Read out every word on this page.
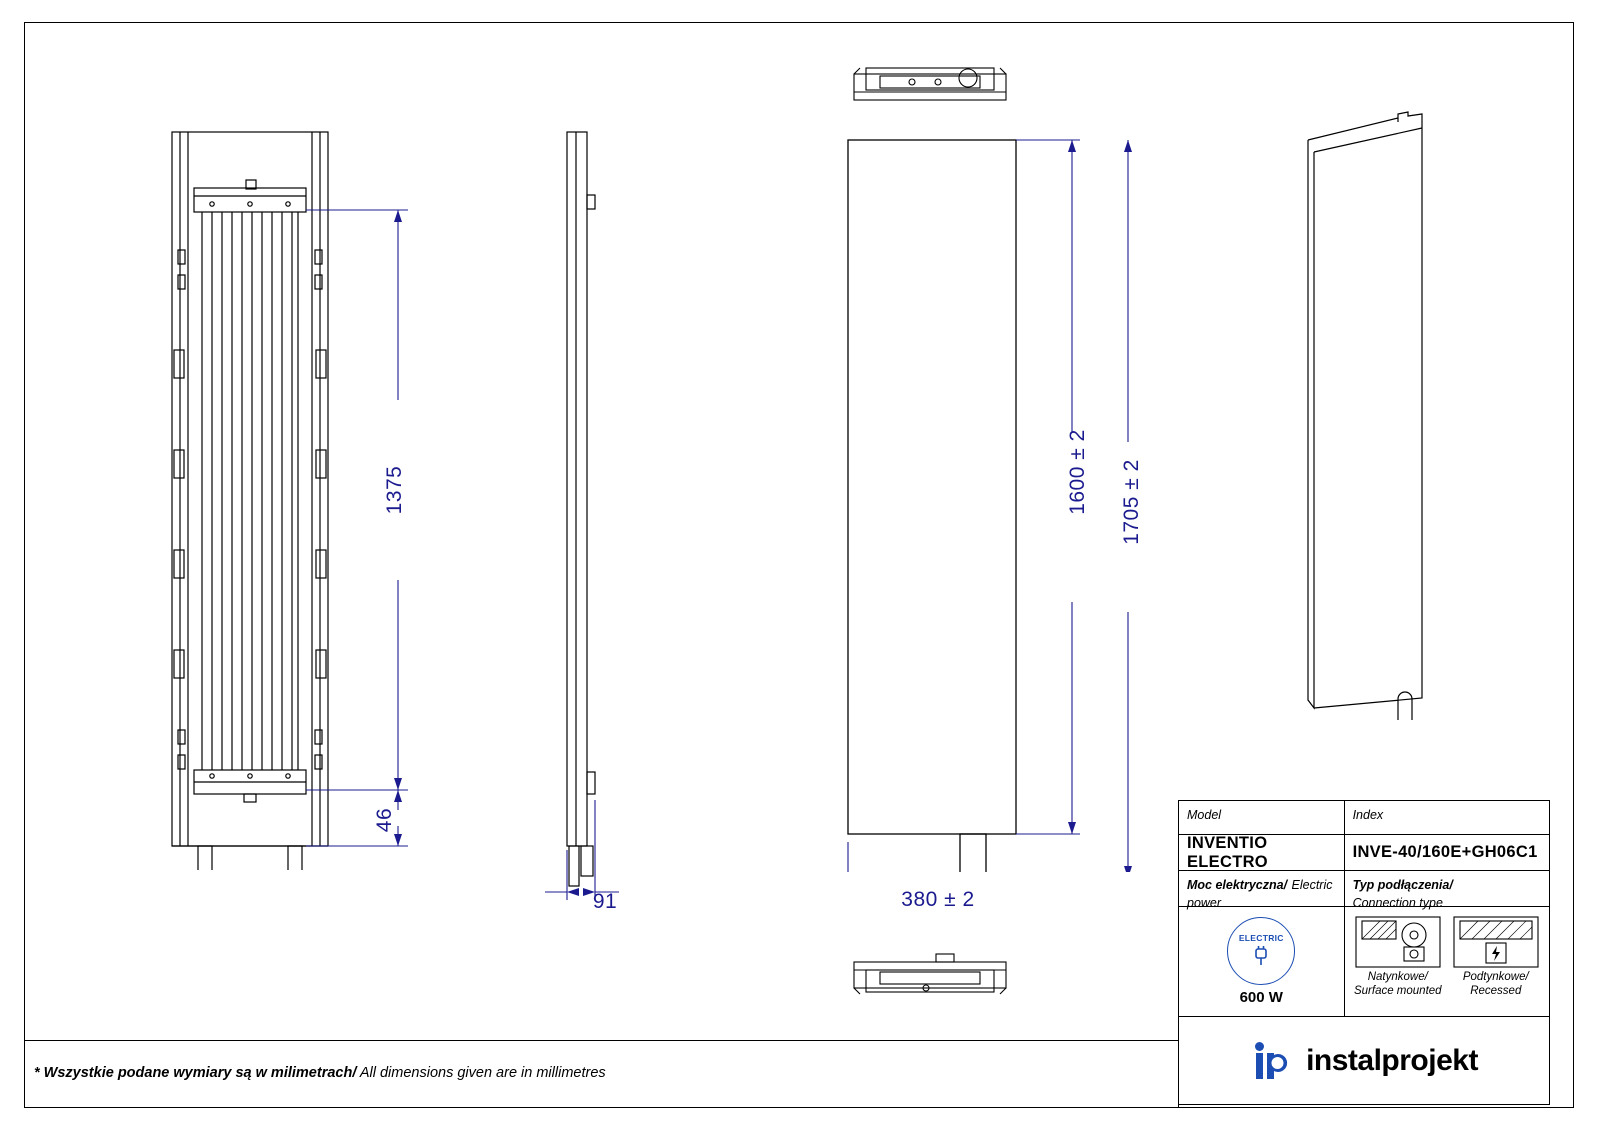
1375
46
91
1600 ± 2 1705 ± 2
380 ± 2
Model	Index
INVENTIO ELECTRO
INVE-40/160E+GH06C1
Moc elektryczna/ Electric power
Typ podłączenia/
Connection type
ELECTRIC
600 W
Natynkowe/
Surface mounted
Podtynkowe/
Recessed
instalprojekt
* Wszystkie podane wymiary są w milimetrach/ All dimensions given are in millimetres
